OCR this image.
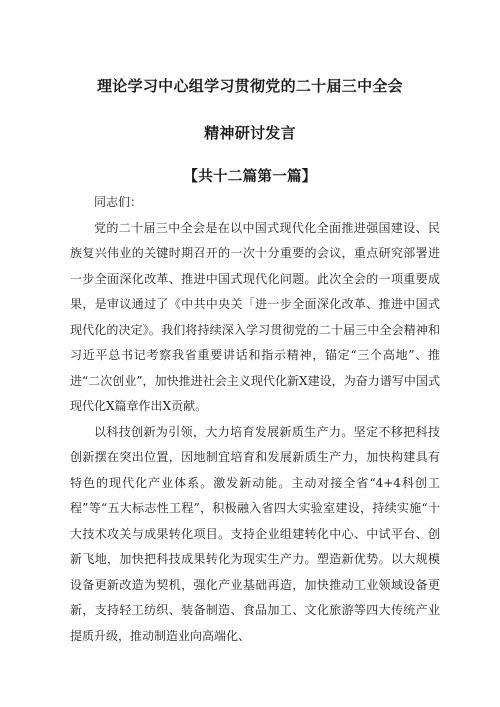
理论学习中心组学习贯彻党的二十届三中全会
精神研讨发言
【共十二篇第一篇】

同志们：

党的二十届三中全会是在以中国式现代化全面推进强国建设、民族复兴伟业的关键时期召开的一次十分重要的会议，重点研究部署进一步全面深化改革、推进中国式现代化问题。此次全会的一项重要成果，是审议通过了《中共中央关「进一步全面深化改革、推进中国式现代化的决定》。我们将持续深入学习贯彻党的二十届三中全会精神和习近平总书记考察我省重要讲话和指示精神，锚定“三个高地”、推进“二次创业”，加快推进社会主义现代化新X建设，为奋力谱写中国式现代化X篇章作出X贡献。

以科技创新为引领，大力培育发展新质生产力。坚定不移把科技创新摆在突出位置，因地制宜培育和发展新质生产力，加快构建具有特色的现代化产业体系。激发新动能。主动对接全省“4+4科创工程”等“五大标志性工程”，积极融入省四大实验室建设，持续实施“十大技术攻关与成果转化项目。支持企业组建转化中心、中试平台、创新飞地，加快把科技成果转化为现实生产力。塑造新优势。以大规模设备更新改造为契机，强化产业基础再造，加快推动工业领域设备更新，支持轻工纺织、装备制造、食品加工、文化旅游等四大传统产业提质升级，推动制造业向高端化、
